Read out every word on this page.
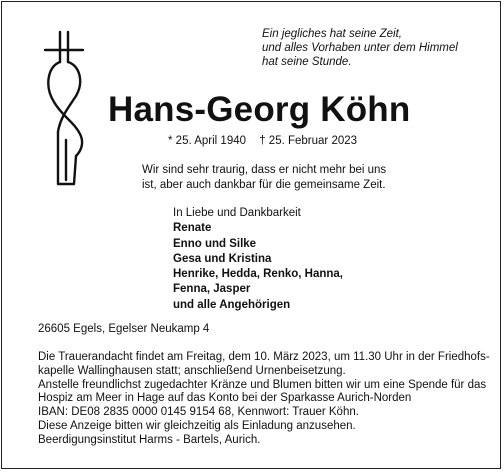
Ein jegliches hat seine Zeit,
und alles Vorhaben unter dem Himmel
hat seine Stunde.
Hans-Georg Köhn
* 25. April 1940 † 25. Februar 2023
Wir sind sehr traurig, dass er nicht mehr bei uns
ist, aber auch dankbar für die gemeinsame Zeit.
In Liebe und Dankbarkeit
Renate
Enno und Silke
Gesa und Kristina
Henrike, Hedda, Renko, Hanna,
Fenna, Jasper
und alle Angehörigen
26605 Egels, Egelser Neukamp 4
Die Trauerandacht findet am Freitag, dem 10. März 2023, um 11.30 Uhr in der Friedhofs-
kapelle Wallinghausen statt; anschließend Urnenbeisetzung.
Anstelle freundlichst zugedachter Kränze und Blumen bitten wir um eine Spende für das
Hospiz am Meer in Hage auf das Konto bei der Sparkasse Aurich-Norden
IBAN: DE08 2835 0000 0145 9154 68, Kennwort: Trauer Köhn.
Diese Anzeige bitten wir gleichzeitig als Einladung anzusehen.
Beerdigungsinstitut Harms - Bartels, Aurich.
